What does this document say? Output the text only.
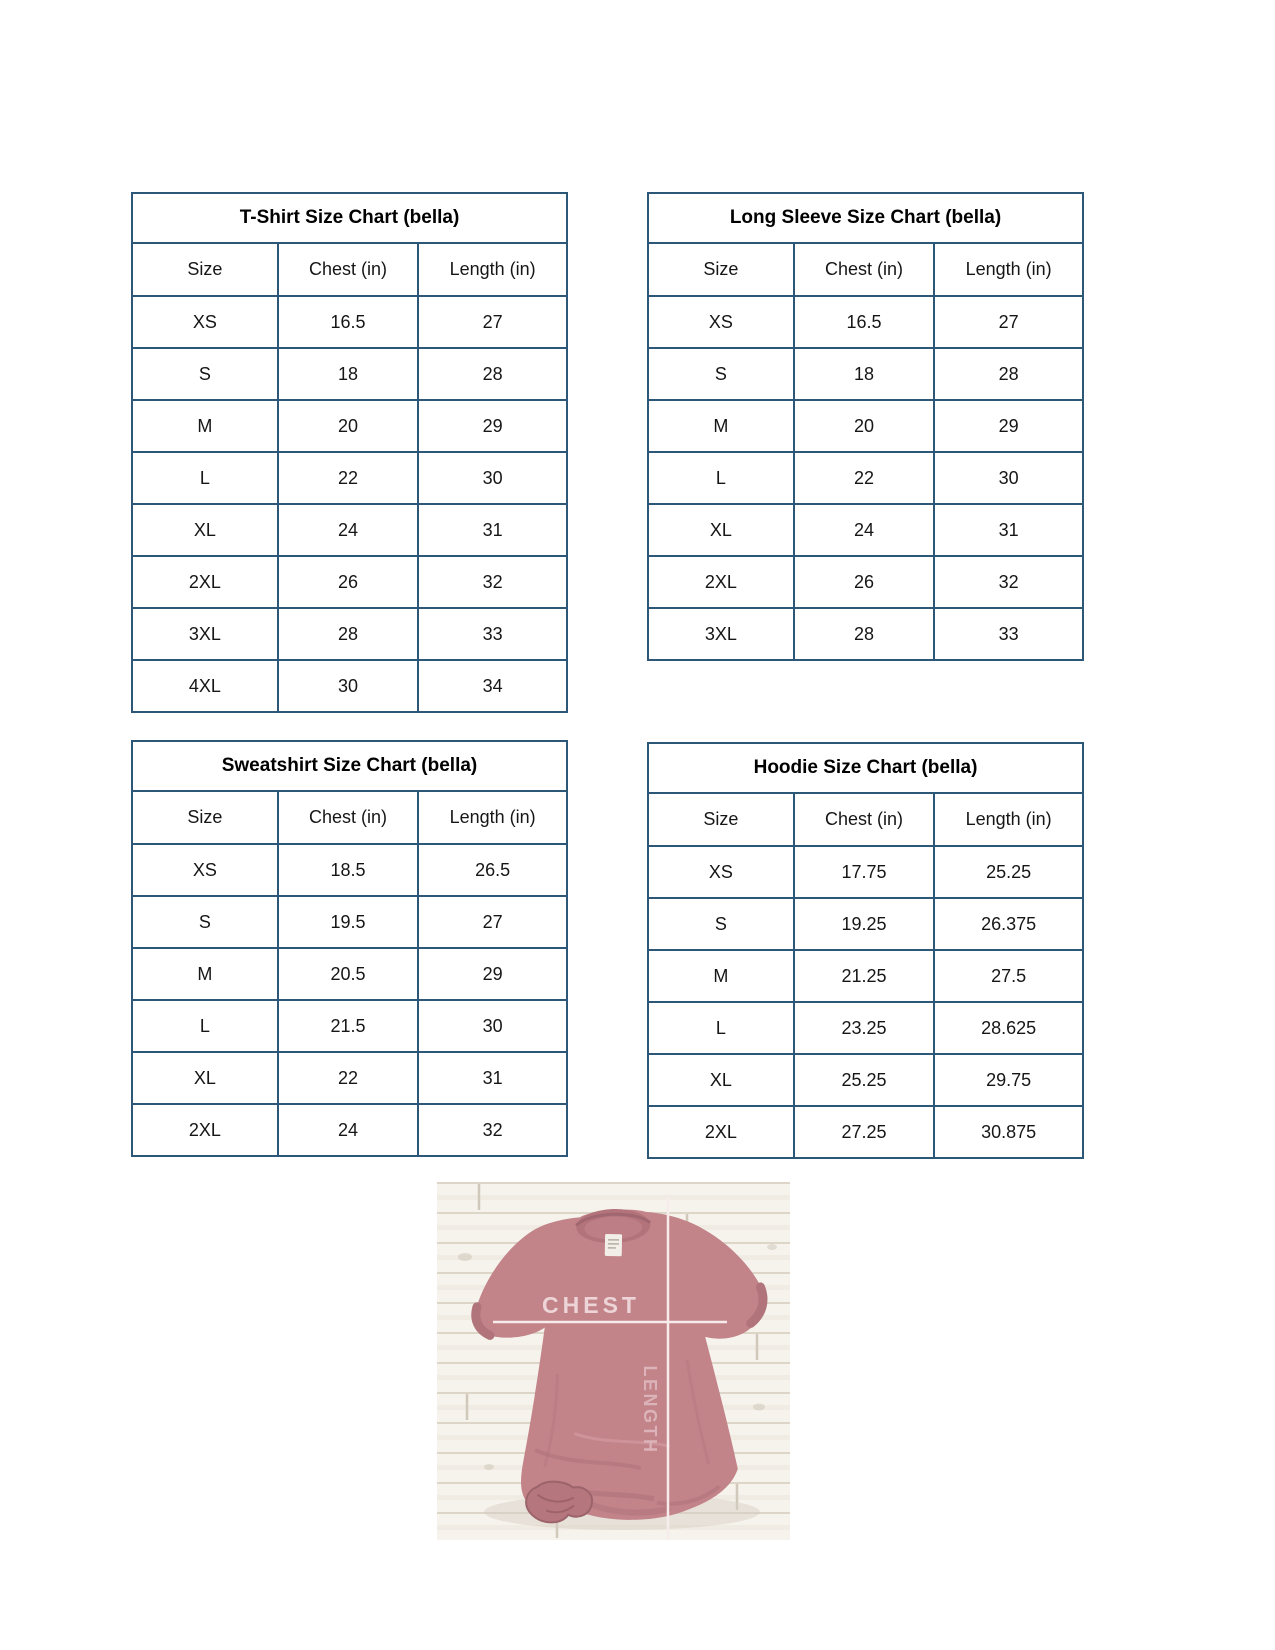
T-Shirt Size Chart (bella)		
Size	Chest (in)	Length (in)
XS	16.5	27
S	18	28
M	20	29
L	22	30
XL	24	31
2XL	26	32
3XL	28	33
4XL	30	34
Long Sleeve Size Chart (bella)		
Size	Chest (in)	Length (in)
XS	16.5	27
S	18	28
M	20	29
L	22	30
XL	24	31
2XL	26	32
3XL	28	33
Sweatshirt Size Chart (bella)		
Size	Chest (in)	Length (in)
XS	18.5	26.5
S	19.5	27
M	20.5	29
L	21.5	30
XL	22	31
2XL	24	32
Hoodie Size Chart (bella)		
Size	Chest (in)	Length (in)
XS	17.75	25.25
S	19.25	26.375
M	21.25	27.5
L	23.25	28.625
XL	25.25	29.75
2XL	27.25	30.875
CHEST
LENGTH
